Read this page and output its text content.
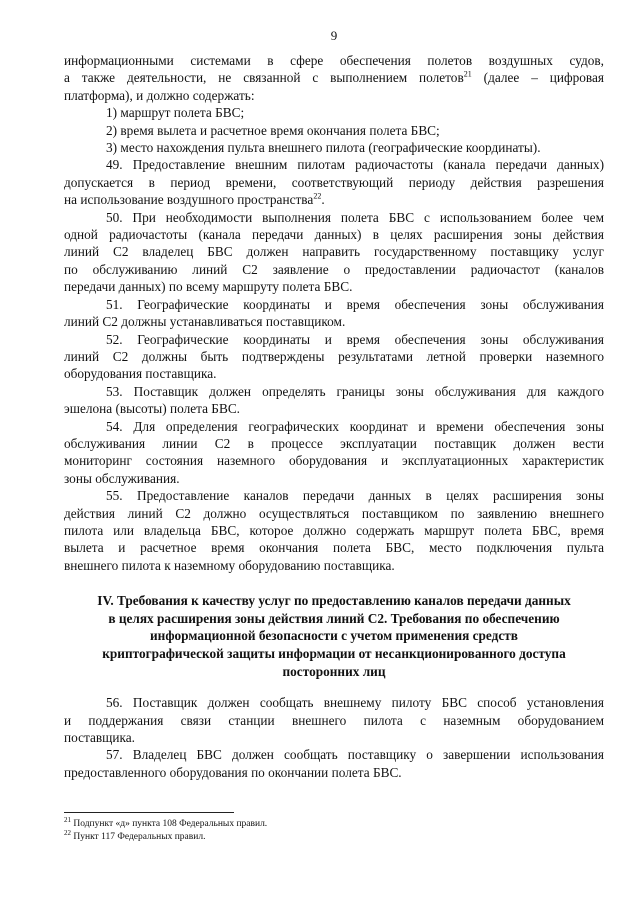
9
информационными системами в сфере обеспечения полетов воздушных судов,
а также деятельности, не связанной с выполнением полетов$^{21}$ (далее – цифровая
платформа), и должно содержать:
1) маршрут полета БВС;
2) время вылета и расчетное время окончания полета БВС;
3) место нахождения пульта внешнего пилота (географические координаты).
49. Предоставление внешним пилотам радиочастоты (канала передачи данных)
допускается в период времени, соответствующий периоду действия разрешения
на использование воздушного пространства$^{22}$.
50. При необходимости выполнения полета БВС с использованием более чем
одной радиочастоты (канала передачи данных) в целях расширения зоны действия
линий С2 владелец БВС должен направить государственному поставщику услуг
по обслуживанию линий С2 заявление о предоставлении радиочастот (каналов
передачи данных) по всему маршруту полета БВС.
51. Географические координаты и время обеспечения зоны обслуживания
линий С2 должны устанавливаться поставщиком.
52. Географические координаты и время обеспечения зоны обслуживания
линий С2 должны быть подтверждены результатами летной проверки наземного
оборудования поставщика.
53. Поставщик должен определять границы зоны обслуживания для каждого
эшелона (высоты) полета БВС.
54. Для определения географических координат и времени обеспечения зоны
обслуживания линии С2 в процессе эксплуатации поставщик должен вести
мониторинг состояния наземного оборудования и эксплуатационных характеристик
зоны обслуживания.
55. Предоставление каналов передачи данных в целях расширения зоны
действия линий С2 должно осуществляться поставщиком по заявлению внешнего
пилота или владельца БВС, которое должно содержать маршрут полета БВС, время
вылета и расчетное время окончания полета БВС, место подключения пульта
внешнего пилота к наземному оборудованию поставщика.
IV. Требования к качеству услуг по предоставлению каналов передачи данных
в целях расширения зоны действия линий С2. Требования по обеспечению
информационной безопасности с учетом применения средств
криптографической защиты информации от несанкционированного доступа
посторонних лиц
56. Поставщик должен сообщать внешнему пилоту БВС способ установления
и поддержания связи станции внешнего пилота с наземным оборудованием
поставщика.
57. Владелец БВС должен сообщать поставщику о завершении использования
предоставленного оборудования по окончании полета БВС.
$^{21}$ Подпункт «д» пункта 108 Федеральных правил.
$^{22}$ Пункт 117 Федеральных правил.
